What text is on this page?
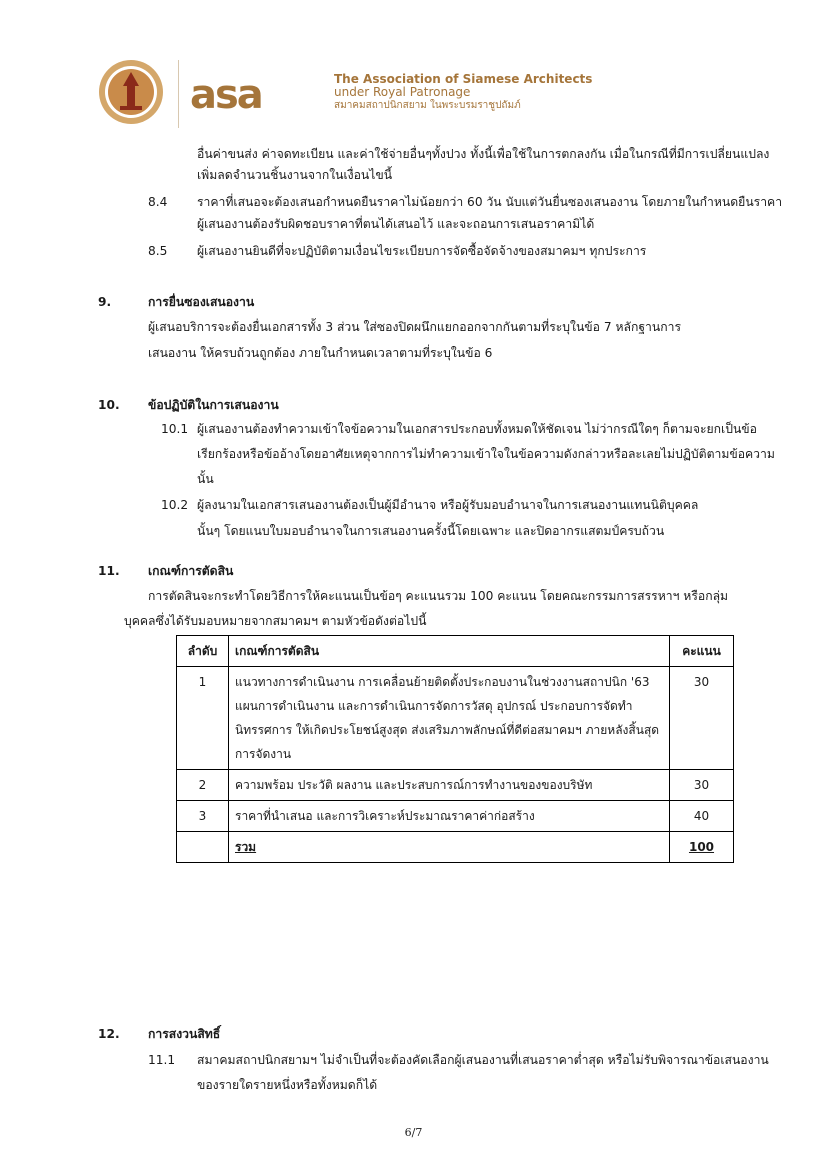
asa	The Association of Siamese Architects
under Royal Patronage
สมาคมสถาปนิกสยาม ในพระบรมราชูปถัมภ์
อื่นค่าขนส่ง ค่าจดทะเบียน และค่าใช้จ่ายอื่นๆทั้งปวง ทั้งนี้เพื่อใช้ในการตกลงกัน เมื่อในกรณีที่มีการเปลี่ยนแปลง
เพิ่มลดจำนวนชิ้นงานจากในเงื่อนไขนี้
8.4 ราคาที่เสนอจะต้องเสนอกำหนดยืนราคาไม่น้อยกว่า 60 วัน นับแต่วันยื่นซองเสนองาน โดยภายในกำหนดยืนราคา
ผู้เสนองานต้องรับผิดชอบราคาที่ตนได้เสนอไว้ และจะถอนการเสนอราคามิได้
8.5 ผู้เสนองานยินดีที่จะปฏิบัติตามเงื่อนไขระเบียบการจัดซื้อจัดจ้างของสมาคมฯ ทุกประการ
9.	การยื่นซองเสนองาน
ผู้เสนอบริการจะต้องยื่นเอกสารทั้ง 3 ส่วน ใส่ซองปิดผนึกแยกออกจากกันตามที่ระบุในข้อ 7 หลักฐานการ
เสนองาน ให้ครบถ้วนถูกต้อง ภายในกำหนดเวลาตามที่ระบุในข้อ 6
10. ข้อปฏิบัติในการเสนองาน
10.1 ผู้เสนองานต้องทำความเข้าใจข้อความในเอกสารประกอบทั้งหมดให้ชัดเจน ไม่ว่ากรณีใดๆ ก็ตามจะยกเป็นข้อ
เรียกร้องหรือข้ออ้างโดยอาศัยเหตุจากการไม่ทำความเข้าใจในข้อความดังกล่าวหรือละเลยไม่ปฏิบัติตามข้อความ
นั้น
10.2 ผู้ลงนามในเอกสารเสนองานต้องเป็นผู้มีอำนาจ หรือผู้รับมอบอำนาจในการเสนองานแทนนิติบุคคล
นั้นๆ โดยแนบใบมอบอำนาจในการเสนองานครั้งนี้โดยเฉพาะ และปิดอากรแสตมป์ครบถ้วน
11. เกณฑ์การตัดสิน
การตัดสินจะกระทำโดยวิธีการให้คะแนนเป็นข้อๆ คะแนนรวม 100 คะแนน โดยคณะกรรมการสรรหาฯ หรือกลุ่ม
บุคคลซึ่งได้รับมอบหมายจากสมาคมฯ ตามหัวข้อดังต่อไปนี้
ลำดับ	เกณฑ์การตัดสิน	คะแนน
1	แนวทางการดำเนินงาน การเคลื่อนย้ายติดตั้งประกอบงานในช่วงงานสถาปนิก '63
แผนการดำเนินงาน และการดำเนินการจัดการวัสดุ อุปกรณ์ ประกอบการจัดทำ
นิทรรศการ ให้เกิดประโยชน์สูงสุด ส่งเสริมภาพลักษณ์ที่ดีต่อสมาคมฯ ภายหลังสิ้นสุด
การจัดงาน	30
2	ความพร้อม ประวัติ ผลงาน และประสบการณ์การทำงานของของบริษัท	30
3	ราคาที่นำเสนอ และการวิเคราะห์ประมาณราคาค่าก่อสร้าง	40
	รวม	100
12. การสงวนสิทธิ์
11.1 สมาคมสถาปนิกสยามฯ ไม่จำเป็นที่จะต้องคัดเลือกผู้เสนองานที่เสนอราคาต่ำสุด หรือไม่รับพิจารณาข้อเสนองาน
ของรายใดรายหนึ่งหรือทั้งหมดก็ได้
6/7
